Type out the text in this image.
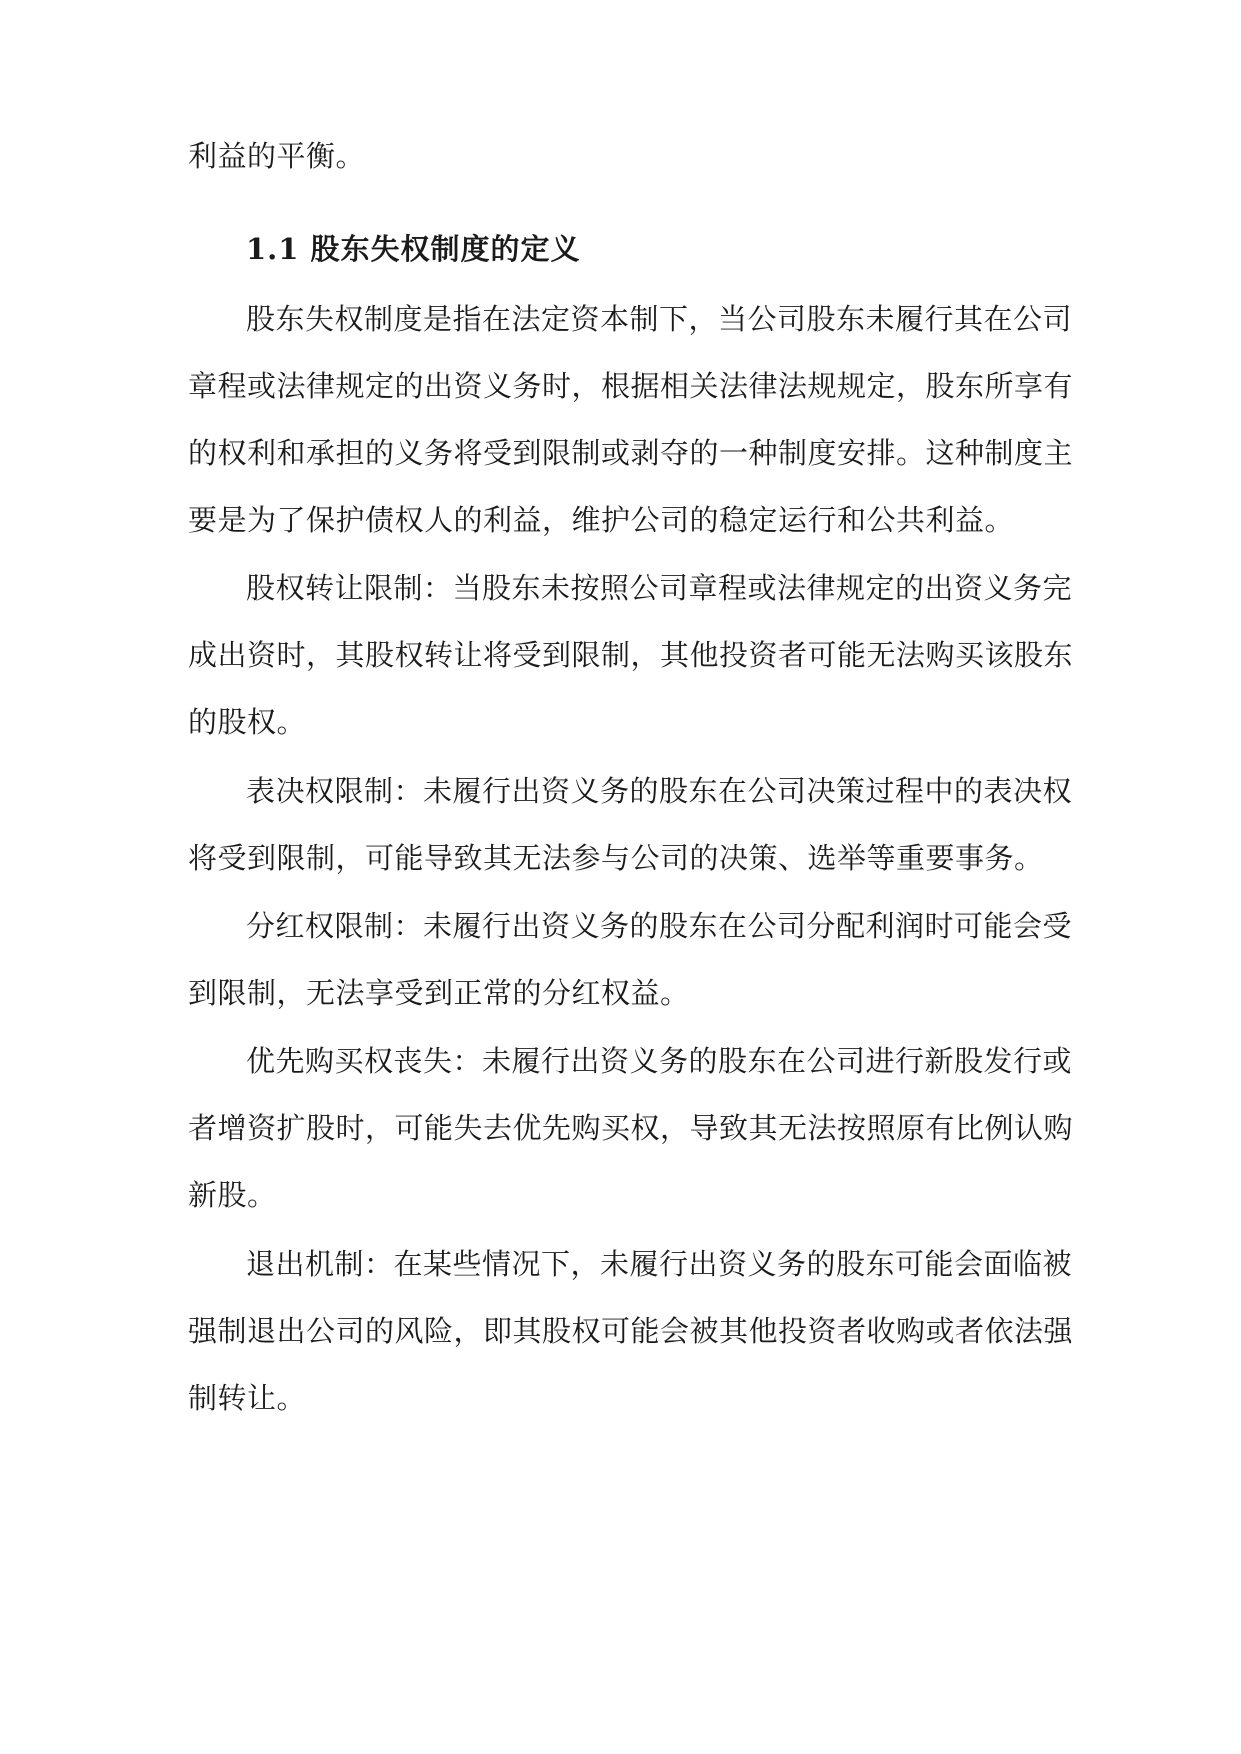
利益的平衡。
1.1 股东失权制度的定义
股东失权制度是指在法定资本制下，当公司股东未履行其在公司
章程或法律规定的出资义务时，根据相关法律法规规定，股东所享有
的权利和承担的义务将受到限制或剥夺的一种制度安排。这种制度主
要是为了保护债权人的利益，维护公司的稳定运行和公共利益。
股权转让限制：当股东未按照公司章程或法律规定的出资义务完
成出资时，其股权转让将受到限制，其他投资者可能无法购买该股东
的股权。
表决权限制：未履行出资义务的股东在公司决策过程中的表决权
将受到限制，可能导致其无法参与公司的决策、选举等重要事务。
分红权限制：未履行出资义务的股东在公司分配利润时可能会受
到限制，无法享受到正常的分红权益。
优先购买权丧失：未履行出资义务的股东在公司进行新股发行或
者增资扩股时，可能失去优先购买权，导致其无法按照原有比例认购
新股。
退出机制：在某些情况下，未履行出资义务的股东可能会面临被
强制退出公司的风险，即其股权可能会被其他投资者收购或者依法强
制转让。
